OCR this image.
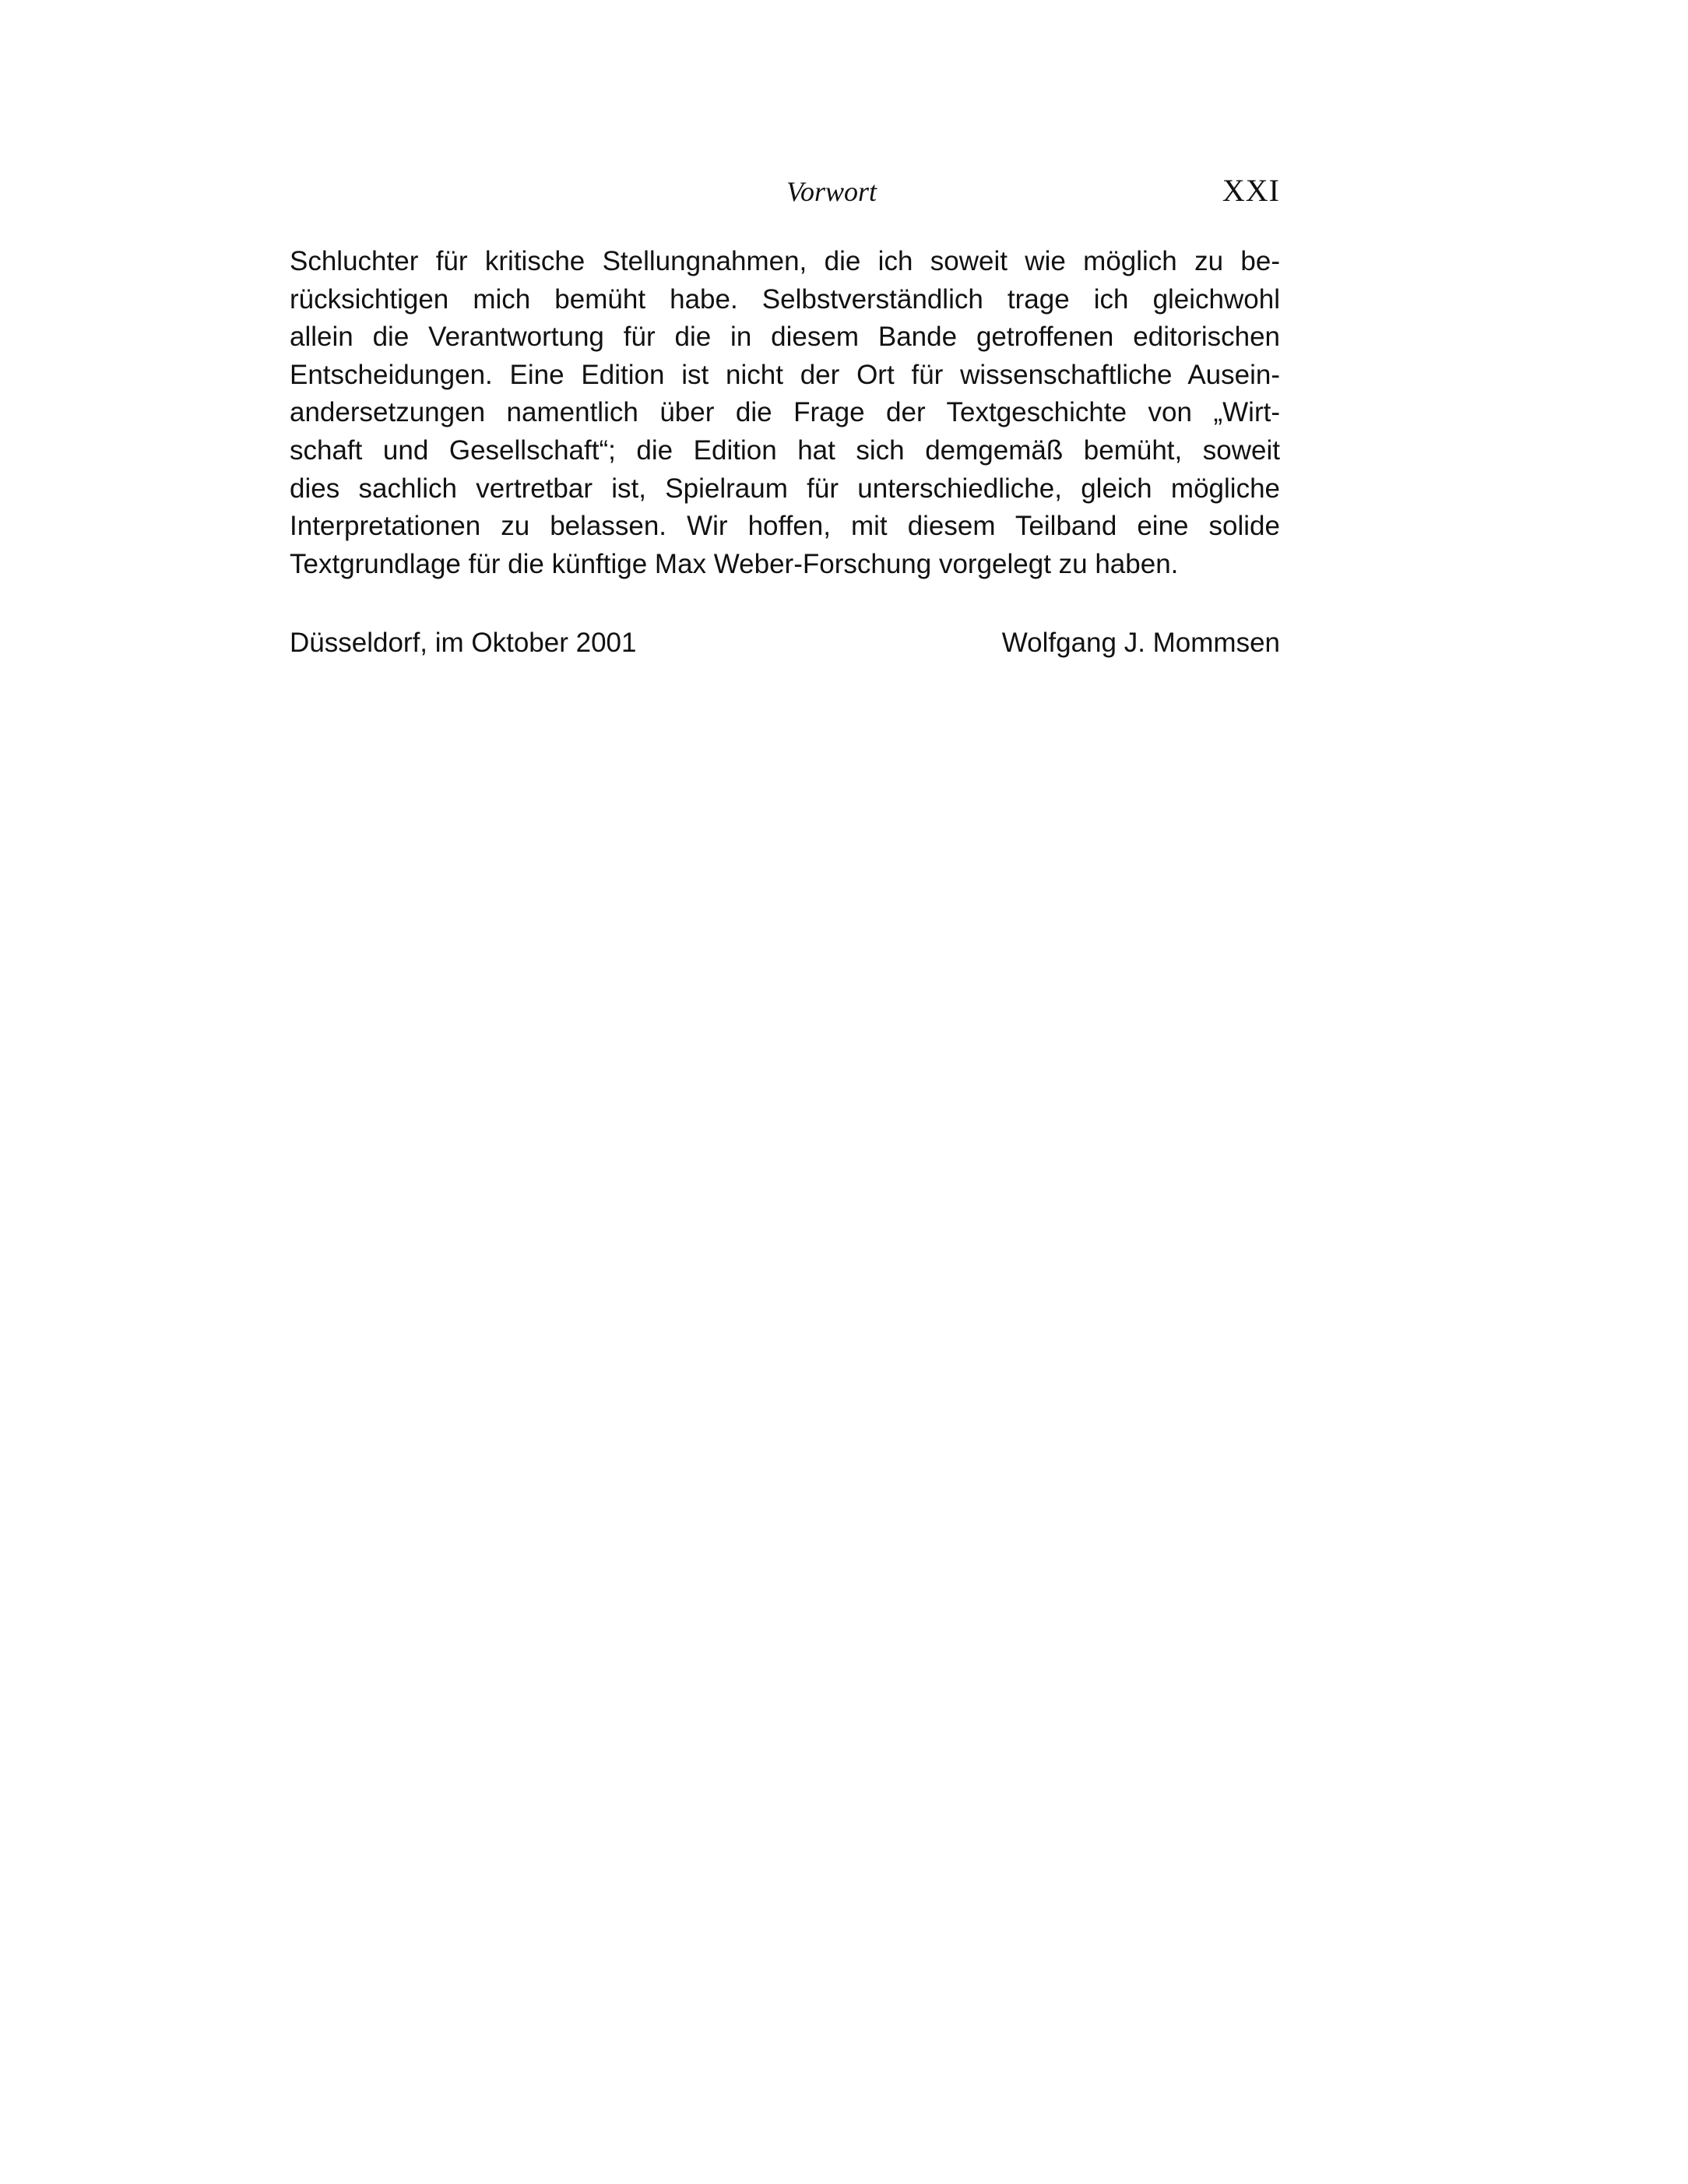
Vorwort	XXI
Schluchter für kritische Stellungnahmen, die ich soweit wie möglich zu be-
rücksichtigen mich bemüht habe. Selbstverständlich trage ich gleichwohl
allein die Verantwortung für die in diesem Bande getroffenen editorischen
Entscheidungen. Eine Edition ist nicht der Ort für wissenschaftliche Ausein-
andersetzungen namentlich über die Frage der Textgeschichte von „Wirt-
schaft und Gesellschaft“; die Edition hat sich demgemäß bemüht, soweit
dies sachlich vertretbar ist, Spielraum für unterschiedliche, gleich mögliche
Interpretationen zu belassen. Wir hoffen, mit diesem Teilband eine solide
Textgrundlage für die künftige Max Weber-Forschung vorgelegt zu haben.
Düsseldorf, im Oktober 2001	Wolfgang J. Mommsen
